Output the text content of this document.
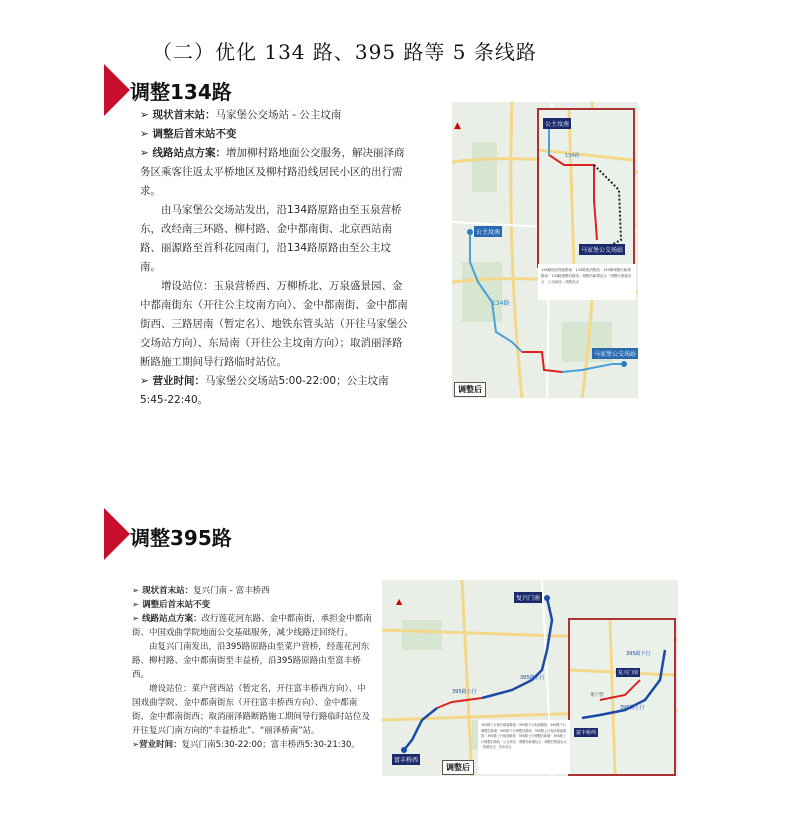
（二）优化 134 路、395 路等 5 条线路
调整134路

➢ 现状首末站：马家堡公交场站 - 公主坟南

➢ 调整后首末站不变

➢ 线路站点方案：增加柳村路地面公交服务，解决丽泽商务区乘客往返太平桥地区及柳村路沿线居民小区的出行需求。

由马家堡公交场站发出，沿134路原路由至玉泉营桥东，改经南三环路、柳村路、金中都南街、北京西站南路、丽源路至首科花园南门，沿134路原路由至公主坟南。

增设站位：玉泉营桥西、万柳桥北、万泉盛景园、金中都南街东（开往公主坟南方向）、金中都南街、金中都南街西、三路居南（暂定名）、地铁东管头站（开往马家堡公交场站方向）、东局南（开往公主坟南方向）；取消丽泽路断路施工期间导行路临时站位。

➢ 营业时间：马家堡公交场站5:00-22:00；公主坟南5:45-22:40。

▲	公主坟南
马家堡公交场站
134路
134路现状保留路段 · 134路取消路段 · 134路调整后新增路段 · 134路调整后路线 · 调整后新增站点 · 调整后保留站点 · 公交场站 · 线路站点
公主坟南
马家堡公交场站
134路
调整后
调整395路

➢ 现状首末站：复兴门南 - 富丰桥西

➢ 调整后首末站不变

➢ 线路站点方案：改行莲花河东路、金中都南街，承担金中都南街、中国戏曲学院地面公交基础服务，减少线路迂回绕行。

由复兴门南发出，沿395路原路由至菜户营桥，经莲花河东路、柳村路、金中都南街至丰益桥，沿395路原路由至富丰桥西。

增设站位：菜户营西站（暂定名，开往富丰桥西方向）、中国戏曲学院、金中都南街东（开往富丰桥西方向）、金中都南街、金中都南街西；取消丽泽路断路施工期间导行路临时站位及开往复兴门南方向的“丰益桥北”、“丽泽桥南”站。

➢营业时间：复兴门南5:30-22:00；富丰桥西5:30-21:30。

▲
395路下行
395路上行
复兴门南
富丰桥西
菜户营
395路下行现状保留路段 · 395路下行取消路段 · 395路下行调整后新增 · 395路下行调整后路线 · 395路上行现状保留路段 · 395路上行取消路段 · 395路上行调整后新增 · 395路上行调整后路线 · 公交场站 · 调整后新增站点 · 调整后保留站点 · 线路站点 · 首末站点
复兴门南
富丰桥西
395路上行
395路上行
调整后
